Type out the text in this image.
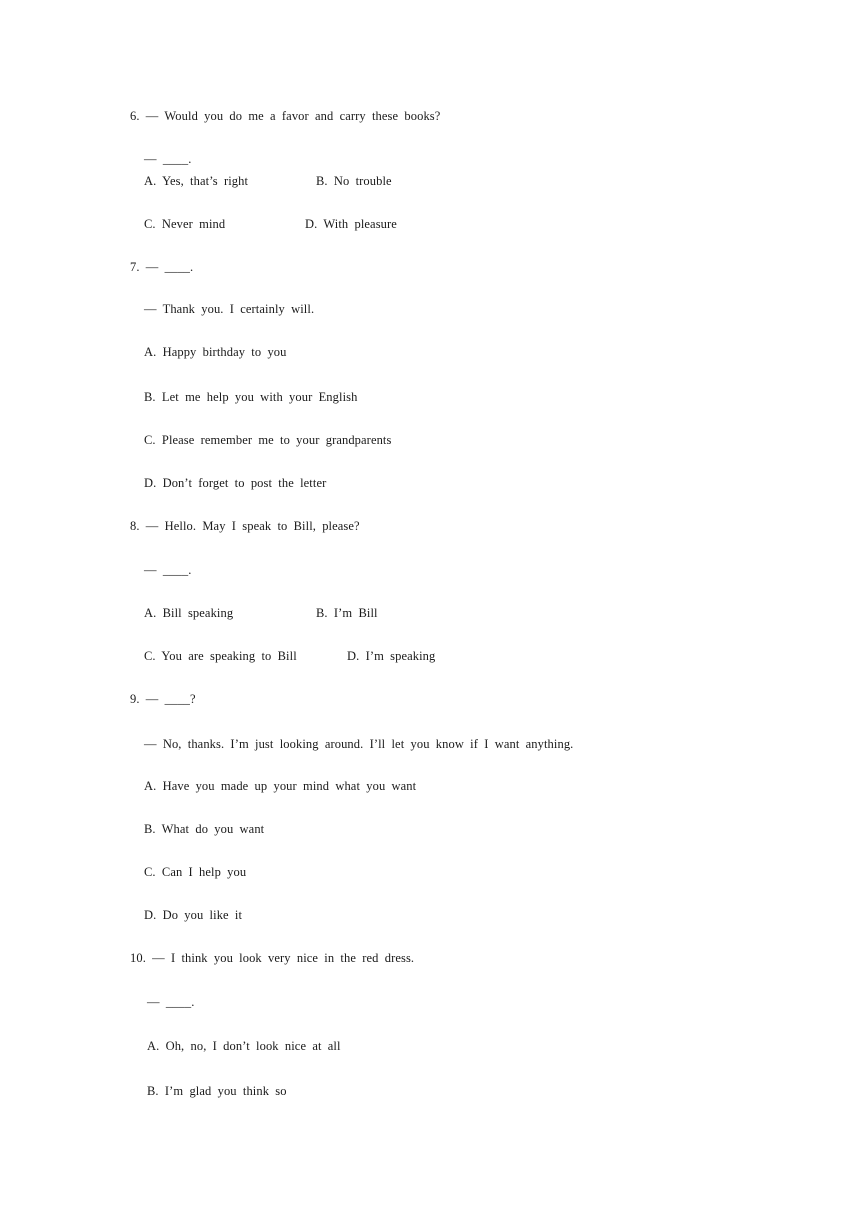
6. — Would you do me a favor and carry these books?
— ____.
A. Yes, that’s right	B. No trouble
C. Never mind	D. With pleasure
7. — ____.
— Thank you. I certainly will.
A. Happy birthday to you
B. Let me help you with your English
C. Please remember me to your grandparents
D. Don’t forget to post the letter
8. — Hello. May I speak to Bill, please?
— ____.
A. Bill speaking	B. I’m Bill
C. You are speaking to Bill	D. I’m speaking
9. — ____?
— No, thanks. I’m just looking around. I’ll let you know if I want anything.
A. Have you made up your mind what you want
B. What do you want
C. Can I help you
D. Do you like it
10. — I think you look very nice in the red dress.
— ____.
A. Oh, no, I don’t look nice at all
B. I’m glad you think so
